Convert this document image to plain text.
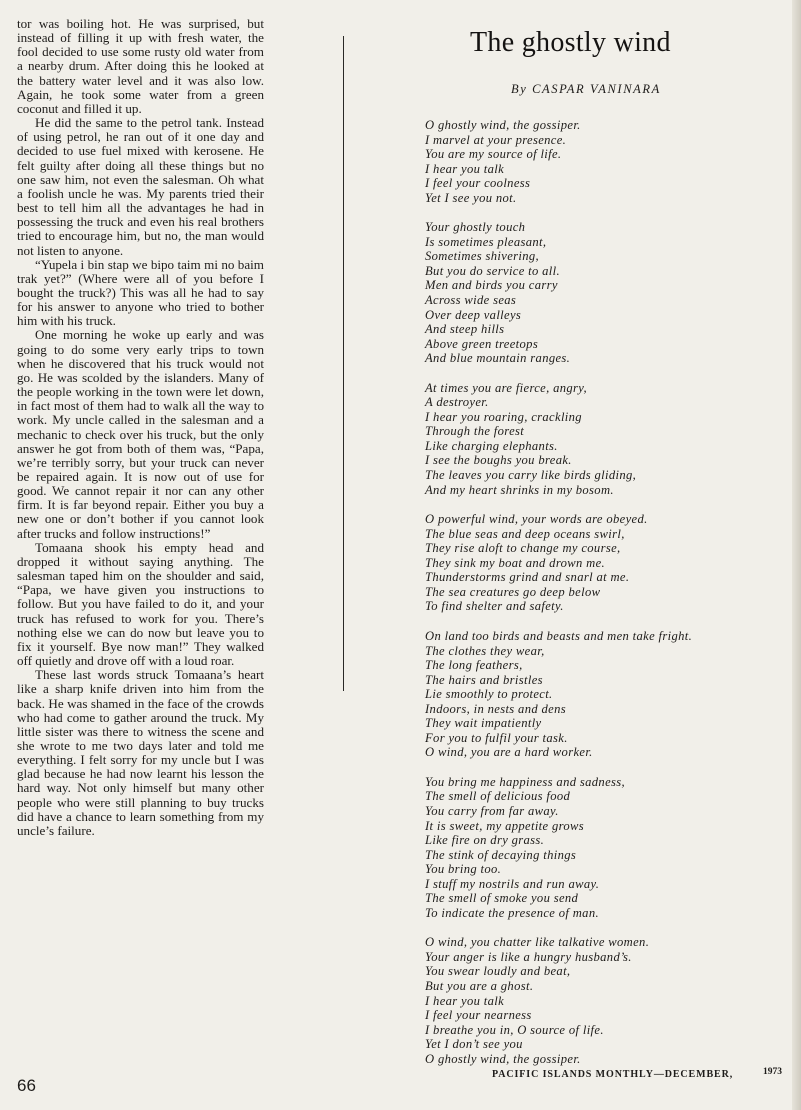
tor was boiling hot. He was surprised, but instead of filling it up with fresh water, the fool decided to use some rusty old water from a nearby drum. After doing this he looked at the battery water level and it was also low. Again, he took some water from a green coconut and filled it up.

He did the same to the petrol tank. Instead of using petrol, he ran out of it one day and decided to use fuel mixed with kerosene. He felt guilty after doing all these things but no one saw him, not even the salesman. Oh what a foolish uncle he was. My parents tried their best to tell him all the advantages he had in possessing the truck and even his real brothers tried to encourage him, but no, the man would not listen to anyone.

“Yupela i bin stap we bipo taim mi no baim trak yet?” (Where were all of you before I bought the truck?) This was all he had to say for his answer to anyone who tried to bother him with his truck.

One morning he woke up early and was going to do some very early trips to town when he discovered that his truck would not go. He was scolded by the islanders. Many of the people working in the town were let down, in fact most of them had to walk all the way to work. My uncle called in the salesman and a mechanic to check over his truck, but the only answer he got from both of them was, “Papa, we’re terribly sorry, but your truck can never be repaired again. It is now out of use for good. We cannot repair it nor can any other firm. It is far beyond repair. Either you buy a new one or don’t bother if you cannot look after trucks and follow instructions!”

Tomaana shook his empty head and dropped it without saying anything. The salesman taped him on the shoulder and said, “Papa, we have given you instructions to follow. But you have failed to do it, and your truck has refused to work for you. There’s nothing else we can do now but leave you to fix it yourself. Bye now man!” They walked off quietly and drove off with a loud roar.

These last words struck Tomaana’s heart like a sharp knife driven into him from the back. He was shamed in the face of the crowds who had come to gather around the truck. My little sister was there to witness the scene and she wrote to me two days later and told me everything. I felt sorry for my uncle but I was glad because he had now learnt his lesson the hard way. Not only himself but many other people who were still planning to buy trucks did have a chance to learn something from my uncle’s failure.

The ghostly wind

By CASPAR VANINARA

O ghostly wind, the gossiper.
I marvel at your presence.
You are my source of life.
I hear you talk
I feel your coolness
Yet I see you not.
Your ghostly touch
Is sometimes pleasant,
Sometimes shivering,
But you do service to all.
Men and birds you carry
Across wide seas
Over deep valleys
And steep hills
Above green treetops
And blue mountain ranges.
At times you are fierce, angry,
A destroyer.
I hear you roaring, crackling
Through the forest
Like charging elephants.
I see the boughs you break.
The leaves you carry like birds gliding,
And my heart shrinks in my bosom.
O powerful wind, your words are obeyed.
The blue seas and deep oceans swirl,
They rise aloft to change my course,
They sink my boat and drown me.
Thunderstorms grind and snarl at me.
The sea creatures go deep below
To find shelter and safety.
On land too birds and beasts and men take fright.
The clothes they wear,
The long feathers,
The hairs and bristles
Lie smoothly to protect.
Indoors, in nests and dens
They wait impatiently
For you to fulfil your task.
O wind, you are a hard worker.
You bring me happiness and sadness,
The smell of delicious food
You carry from far away.
It is sweet, my appetite grows
Like fire on dry grass.
The stink of decaying things
You bring too.
I stuff my nostrils and run away.
The smell of smoke you send
To indicate the presence of man.
O wind, you chatter like talkative women.
Your anger is like a hungry husband’s.
You swear loudly and beat,
But you are a ghost.
I hear you talk
I feel your nearness
I breathe you in, O source of life.
Yet I don’t see you
O ghostly wind, the gossiper.
66
PACIFIC ISLANDS MONTHLY—DECEMBER,	1973
